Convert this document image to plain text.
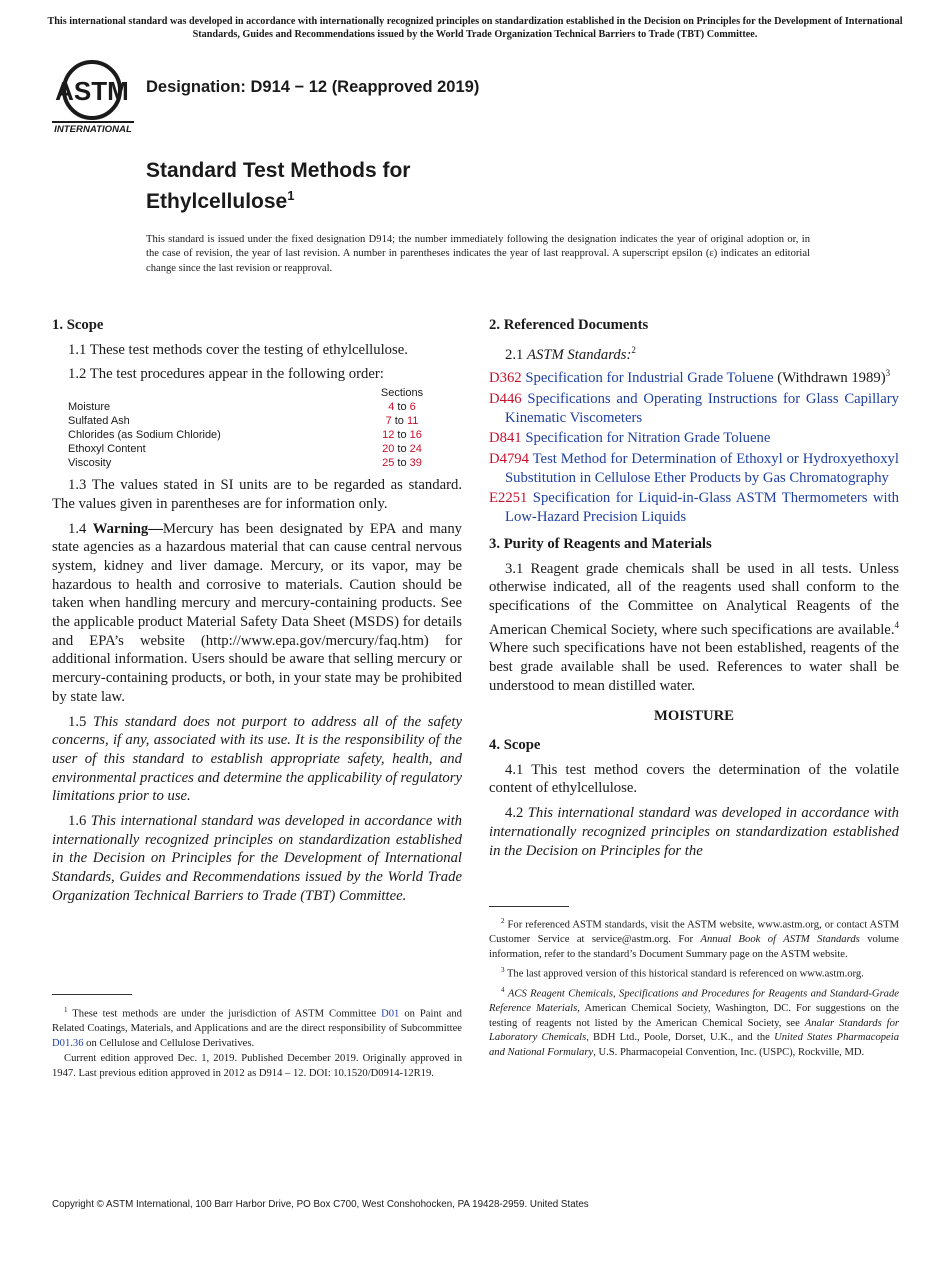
This international standard was developed in accordance with internationally recognized principles on standardization established in the Decision on Principles for the Development of International Standards, Guides and Recommendations issued by the World Trade Organization Technical Barriers to Trade (TBT) Committee.
ASTM
INTERNATIONAL
Designation: D914 − 12 (Reapproved 2019)
Standard Test Methods for
Ethylcellulose$^1$
This standard is issued under the fixed designation D914; the number immediately following the designation indicates the year of original adoption or, in the case of revision, the year of last revision. A number in parentheses indicates the year of last reapproval. A superscript epsilon (ε) indicates an editorial change since the last revision or reapproval.
1. Scope

1.1 These test methods cover the testing of ethylcellulose.

1.2 The test procedures appear in the following order:

Sections
Moisture	4 to 6
Sulfated Ash	7 to 11
Chlorides (as Sodium Chloride)	12 to 16
Ethoxyl Content	20 to 24
Viscosity	25 to 39

1.3 The values stated in SI units are to be regarded as standard. The values given in parentheses are for information only.

1.4 Warning—Mercury has been designated by EPA and many state agencies as a hazardous material that can cause central nervous system, kidney and liver damage. Mercury, or its vapor, may be hazardous to health and corrosive to materials. Caution should be taken when handling mercury and mercury-containing products. See the applicable product Material Safety Data Sheet (MSDS) for details and EPA’s website (http://www.epa.gov/mercury/faq.htm) for additional information. Users should be aware that selling mercury or mercury-containing products, or both, in your state may be prohibited by state law.

1.5 This standard does not purport to address all of the safety concerns, if any, associated with its use. It is the responsibility of the user of this standard to establish appropriate safety, health, and environmental practices and determine the applicability of regulatory limitations prior to use.

1.6 This international standard was developed in accordance with internationally recognized principles on standardization established in the Decision on Principles for the Development of International Standards, Guides and Recommendations issued by the World Trade Organization Technical Barriers to Trade (TBT) Committee.

$^1$ These test methods are under the jurisdiction of ASTM Committee D01 on Paint and Related Coatings, Materials, and Applications and are the direct responsibility of Subcommittee D01.36 on Cellulose and Cellulose Derivatives.

Current edition approved Dec. 1, 2019. Published December 2019. Originally approved in 1947. Last previous edition approved in 2012 as D914 – 12. DOI: 10.1520/D0914-12R19.

2. Referenced Documents

2.1 ASTM Standards:$^2$

D362 Specification for Industrial Grade Toluene (Withdrawn 1989)$^3$
D446 Specifications and Operating Instructions for Glass Capillary Kinematic Viscometers
D841 Specification for Nitration Grade Toluene
D4794 Test Method for Determination of Ethoxyl or Hydroxyethoxyl Substitution in Cellulose Ether Products by Gas Chromatography
E2251 Specification for Liquid-in-Glass ASTM Thermometers with Low-Hazard Precision Liquids
3. Purity of Reagents and Materials

3.1 Reagent grade chemicals shall be used in all tests. Unless otherwise indicated, all of the reagents used shall conform to the specifications of the Committee on Analytical Reagents of the American Chemical Society, where such specifications are available.$^4$ Where such specifications have not been established, reagents of the best grade available shall be used. References to water shall be understood to mean distilled water.

MOISTURE
4. Scope

4.1 This test method covers the determination of the volatile content of ethylcellulose.

4.2 This international standard was developed in accordance with internationally recognized principles on standardization established in the Decision on Principles for the

$^2$ For referenced ASTM standards, visit the ASTM website, www.astm.org, or contact ASTM Customer Service at service@astm.org. For Annual Book of ASTM Standards volume information, refer to the standard’s Document Summary page on the ASTM website.

$^3$ The last approved version of this historical standard is referenced on www.astm.org.

$^4$ ACS Reagent Chemicals, Specifications and Procedures for Reagents and Standard-Grade Reference Materials, American Chemical Society, Washington, DC. For suggestions on the testing of reagents not listed by the American Chemical Society, see Analar Standards for Laboratory Chemicals, BDH Ltd., Poole, Dorset, U.K., and the United States Pharmacopeia and National Formulary, U.S. Pharmacopeial Convention, Inc. (USPC), Rockville, MD.

Copyright © ASTM International, 100 Barr Harbor Drive, PO Box C700, West Conshohocken, PA 19428-2959. United States
